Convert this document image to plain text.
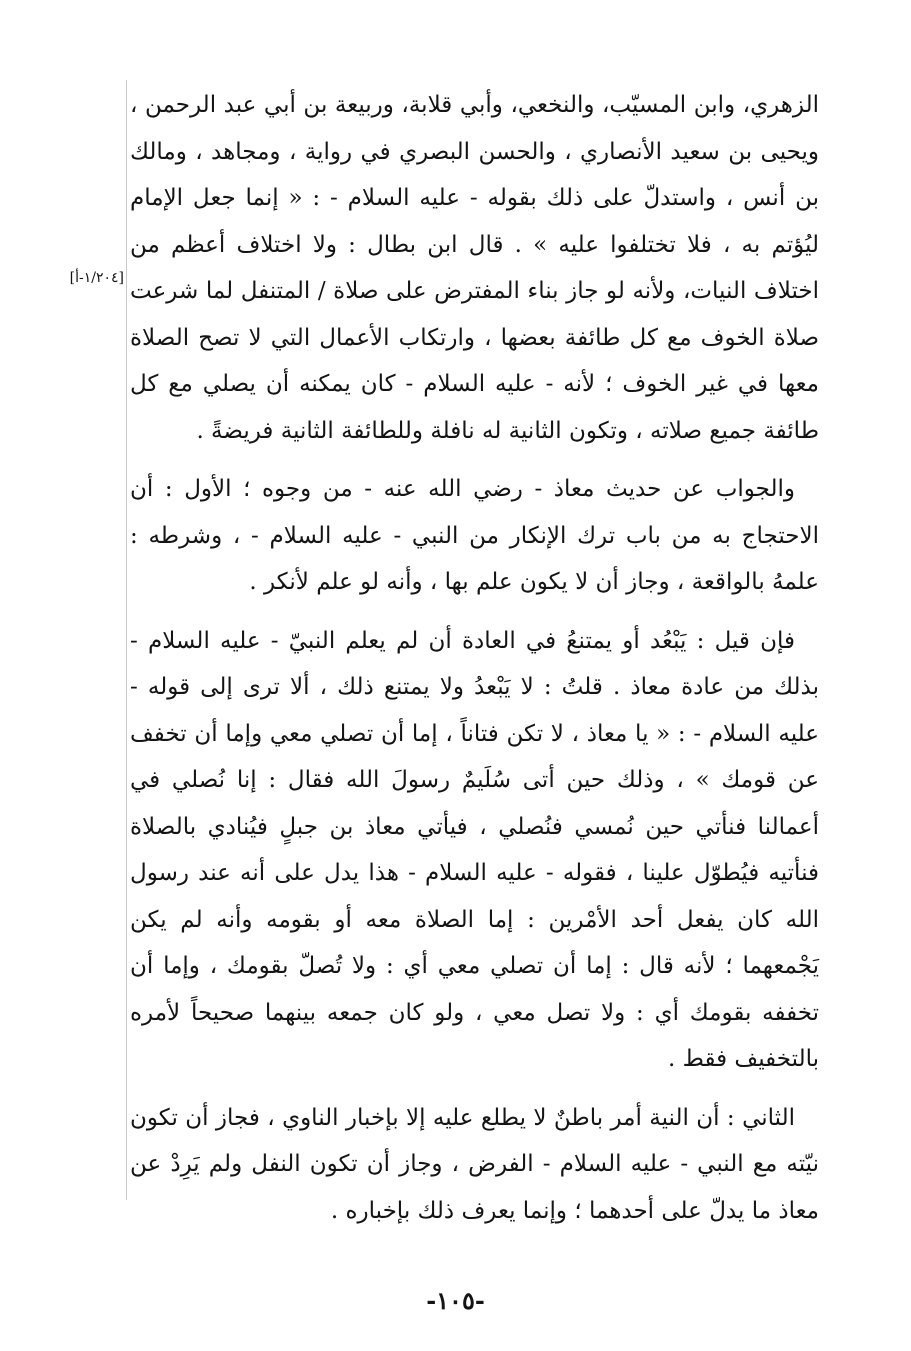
[١/٢٠٤-أ]

الزهري، وابن المسيّب، والنخعي، وأبي قلابة، وربيعة بن أبي عبد الرحمن ، ويحيى بن سعيد الأنصاري ، والحسن البصري في رواية ، ومجاهد ، ومالك بن أنس ، واستدلّ على ذلك بقوله - عليه السلام - : « إنما جعل الإمام ليُؤتم به ، فلا تختلفوا عليه » . قال ابن بطال : ولا اختلاف أعظم من اختلاف النيات، ولأنه لو جاز بناء المفترض على صلاة / المتنفل لما شرعت صلاة الخوف مع كل طائفة بعضها ، وارتكاب الأعمال التي لا تصح الصلاة معها في غير الخوف ؛ لأنه - عليه السلام - كان يمكنه أن يصلي مع كل طائفة جميع صلاته ، وتكون الثانية له نافلة وللطائفة الثانية فريضةً .

والجواب عن حديث معاذ - رضي الله عنه - من وجوه ؛ الأول : أن الاحتجاج به من باب ترك الإنكار من النبي - عليه السلام - ، وشرطه : علمهُ بالواقعة ، وجاز أن لا يكون علم بها ، وأنه لو علم لأنكر .

فإن قيل : يَبْعُد أو يمتنعُ في العادة أن لم يعلم النبيّ - عليه السلام - بذلك من عادة معاذ . قلتُ : لا يَبْعدُ ولا يمتنع ذلك ، ألا ترى إلى قوله - عليه السلام - : « يا معاذ ، لا تكن فتاناً ، إما أن تصلي معي وإما أن تخفف عن قومك » ، وذلك حين أتى سُلَيمٌ رسولَ الله فقال : إنا نُصلي في أعمالنا فنأتي حين نُمسي فنُصلي ، فيأتي معاذ بن جبلٍ فيُنادي بالصلاة فنأتيه فيُطوّل علينا ، فقوله - عليه السلام - هذا يدل على أنه عند رسول الله كان يفعل أحد الأمْرين : إما الصلاة معه أو بقومه وأنه لم يكن يَجْمعهما ؛ لأنه قال : إما أن تصلي معي أي : ولا تُصلّ بقومك ، وإما أن تخففه بقومك أي : ولا تصل معي ، ولو كان جمعه بينهما صحيحاً لأمره بالتخفيف فقط .

الثاني : أن النية أمر باطنٌ لا يطلع عليه إلا بإخبار الناوي ، فجاز أن تكون نيّته مع النبي - عليه السلام - الفرض ، وجاز أن تكون النفل ولم يَرِدْ عن معاذ ما يدلّ على أحدهما ؛ وإنما يعرف ذلك بإخباره .

-١٠٥-
